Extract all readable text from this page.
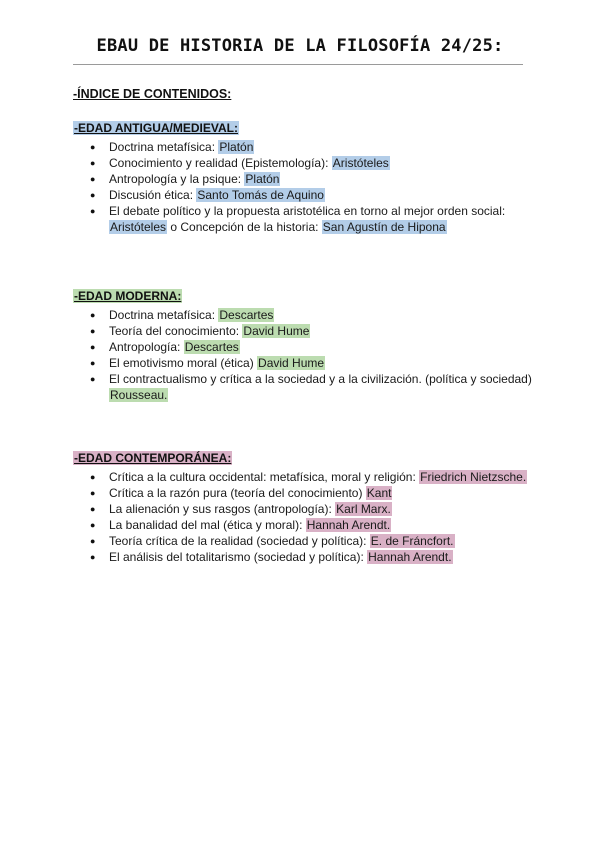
EBAU DE HISTORIA DE LA FILOSOFÍA 24/25:
-ÍNDICE DE CONTENIDOS:
-EDAD ANTIGUA/MEDIEVAL:
● Doctrina metafísica: Platón
● Conocimiento y realidad (Epistemología): Aristóteles
● Antropología y la psique: Platón
● Discusión ética: Santo Tomás de Aquino
● El debate político y la propuesta aristotélica en torno al mejor orden social: Aristóteles o Concepción de la historia: San Agustín de Hipona
-EDAD MODERNA:
● Doctrina metafísica: Descartes
● Teoría del conocimiento: David Hume
● Antropología: Descartes
● El emotivismo moral (ética) David Hume
● El contractualismo y crítica a la sociedad y a la civilización. (política y sociedad) Rousseau.
-EDAD CONTEMPORÁNEA:
● Crítica a la cultura occidental: metafísica, moral y religión: Friedrich Nietzsche.
● Crítica a la razón pura (teoría del conocimiento) Kant
● La alienación y sus rasgos (antropología): Karl Marx.
● La banalidad del mal (ética y moral): Hannah Arendt.
● Teoría crítica de la realidad (sociedad y política): E. de Fráncfort.
● El análisis del totalitarismo (sociedad y política): Hannah Arendt.
